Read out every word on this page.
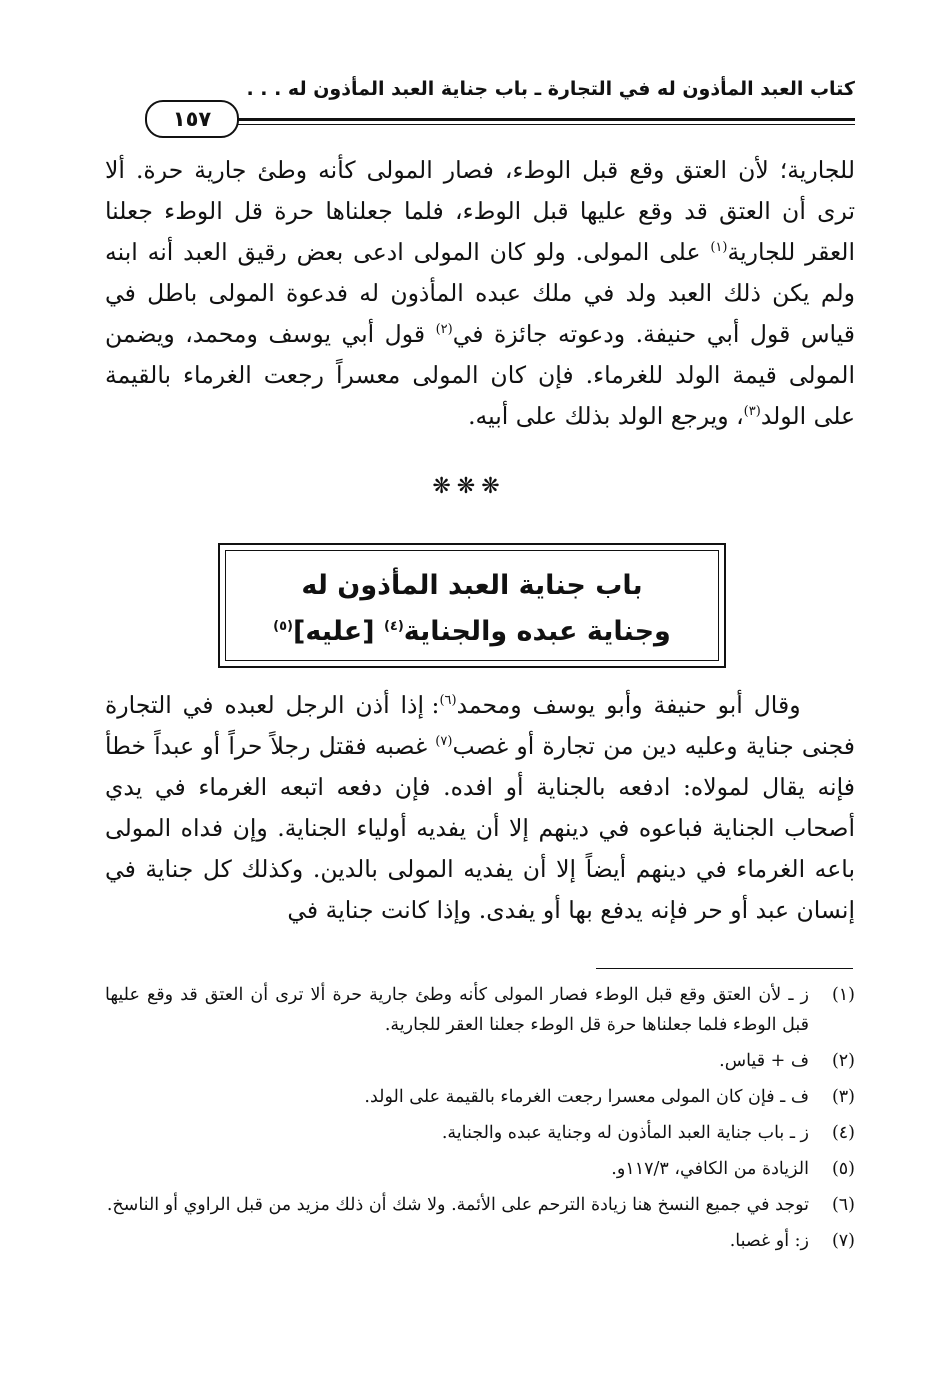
كتاب العبد المأذون له في التجارة ـ باب جناية العبد المأذون له . . .
١٥٧

للجارية؛ لأن العتق وقع قبل الوطء، فصار المولى كأنه وطئ جارية حرة. ألا ترى أن العتق قد وقع عليها قبل الوطء، فلما جعلناها حرة قل الوطء جعلنا العقر للجارية$^{(١)}$ على المولى. ولو كان المولى ادعى بعض رقيق العبد أنه ابنه ولم يكن ذلك العبد ولد في ملك عبده المأذون له فدعوة المولى باطل في قياس قول أبي حنيفة. ودعوته جائزة في$^{(٢)}$ قول أبي يوسف ومحمد، ويضمن المولى قيمة الولد للغرماء. فإن كان المولى معسراً رجعت الغرماء بالقيمة على الولد$^{(٣)}$، ويرجع الولد بذلك على أبيه.

❋❋❋
باب جناية العبد المأذون له
وجناية عبده والجناية$^{(٤)}$ [عليه]$^{(٥)}$

وقال أبو حنيفة وأبو يوسف ومحمد$^{(٦)}$: إذا أذن الرجل لعبده في التجارة فجنى جناية وعليه دين من تجارة أو غصب$^{(٧)}$ غصبه فقتل رجلاً حراً أو عبداً خطأ فإنه يقال لمولاه: ادفعه بالجناية أو افده. فإن دفعه اتبعه الغرماء في يدي أصحاب الجناية فباعوه في دينهم إلا أن يفديه أولياء الجناية. وإن فداه المولى باعه الغرماء في دينهم أيضاً إلا أن يفديه المولى بالدين. وكذلك كل جناية في إنسان عبد أو حر فإنه يدفع بها أو يفدى. وإذا كانت جناية في

(١)
ز ـ لأن العتق وقع قبل الوطء فصار المولى كأنه وطئ جارية حرة ألا ترى أن العتق قد وقع عليها قبل الوطء فلما جعلناها حرة قل الوطء جعلنا العقر للجارية.
(٢)
ف + قياس.
(٣)
ف ـ فإن كان المولى معسرا رجعت الغرماء بالقيمة على الولد.
(٤)
ز ـ باب جناية العبد المأذون له وجناية عبده والجناية.
(٥)
الزيادة من الكافي، ١١٧/٣و.
(٦)
توجد في جميع النسخ هنا زيادة الترحم على الأئمة. ولا شك أن ذلك مزيد من قبل الراوي أو الناسخ.
(٧)
ز: أو غصبا.
